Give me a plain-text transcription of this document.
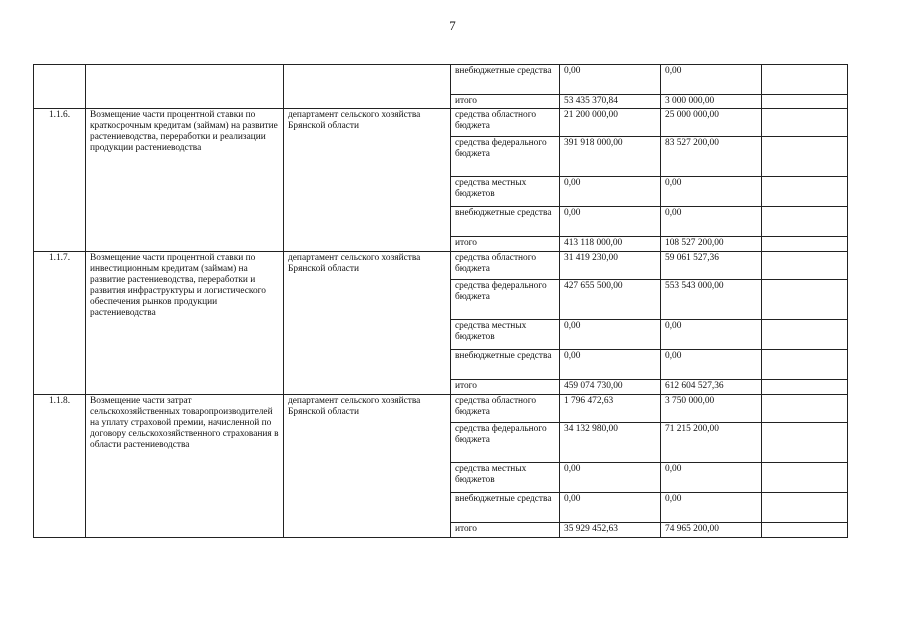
7
			внебюджетные средства	0,00	0,00	
			итого	53 435 370,84	3 000 000,00	
1.1.6.	Возмещение части процентной ставки по краткосрочным кредитам (займам) на развитие растениеводства, переработки и реализации продукции растениеводства	департамент сельского хозяйства Брянской области	средства областного бюджета	21 200 000,00	25 000 000,00	
			средства федерального бюджета	391 918 000,00	83 527 200,00	
			средства местных бюджетов	0,00	0,00	
			внебюджетные средства	0,00	0,00	
			итого	413 118 000,00	108 527 200,00	
1.1.7.	Возмещение части процентной ставки по инвестиционным кредитам (займам) на развитие растениеводства, переработки и развития инфраструктуры и логистического обеспечения рынков продукции растениеводства	департамент сельского хозяйства Брянской области	средства областного бюджета	31 419 230,00	59 061 527,36	
			средства федерального бюджета	427 655 500,00	553 543 000,00	
			средства местных бюджетов	0,00	0,00	
			внебюджетные средства	0,00	0,00	
			итого	459 074 730,00	612 604 527,36	
1.1.8.	Возмещение части затрат сельскохозяйственных товаропроизводителей на уплату страховой премии, начисленной по договору сельскохозяйственного страхования в области растениеводства	департамент сельского хозяйства Брянской области	средства областного бюджета	1 796 472,63	3 750 000,00	
			средства федерального бюджета	34 132 980,00	71 215 200,00	
			средства местных бюджетов	0,00	0,00	
			внебюджетные средства	0,00	0,00	
			итого	35 929 452,63	74 965 200,00	
